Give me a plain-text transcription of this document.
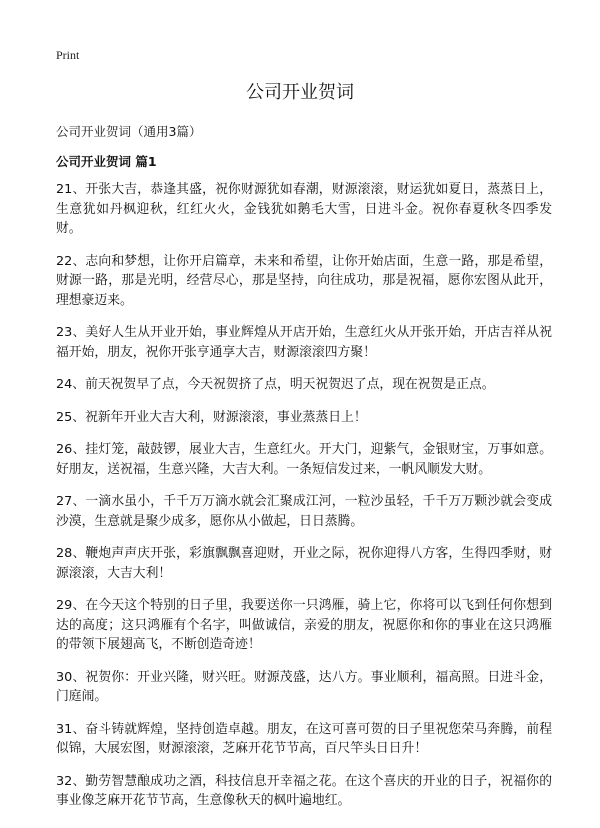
Print
公司开业贺词
公司开业贺词（通用3篇）
公司开业贺词 篇1

21、开张大吉，恭逢其盛，祝你财源犹如春潮，财源滚滚，财运犹如夏日，蒸蒸日上，生意犹如丹枫迎秋，红红火火，金钱犹如鹅毛大雪，日进斗金。祝你春夏秋冬四季发财。

22、志向和梦想，让你开启篇章，未来和希望，让你开始店面，生意一路，那是希望，财源一路，那是光明，经营尽心，那是坚持，向往成功，那是祝福，愿你宏图从此开，理想豪迈来。

23、美好人生从开业开始，事业辉煌从开店开始，生意红火从开张开始，开店吉祥从祝福开始，朋友，祝你开张亨通享大吉，财源滚滚四方聚！

24、前天祝贺早了点，今天祝贺挤了点，明天祝贺迟了点，现在祝贺是正点。

25、祝新年开业大吉大利，财源滚滚，事业蒸蒸日上！

26、挂灯笼，敲鼓锣，展业大吉，生意红火。开大门，迎紫气，金银财宝，万事如意。好朋友，送祝福，生意兴隆，大吉大利。一条短信发过来，一帆风顺发大财。

27、一滴水虽小，千千万万滴水就会汇聚成江河，一粒沙虽轻，千千万万颗沙就会变成沙漠，生意就是聚少成多，愿你从小做起，日日蒸腾。

28、鞭炮声声庆开张，彩旗飘飘喜迎财，开业之际，祝你迎得八方客，生得四季财，财源滚滚，大吉大利！

29、在今天这个特别的日子里，我要送你一只鸿雁，骑上它，你将可以飞到任何你想到达的高度；这只鸿雁有个名字，叫做诚信，亲爱的朋友，祝愿你和你的事业在这只鸿雁的带领下展翅高飞，不断创造奇迹！

30、祝贺你：开业兴隆，财兴旺。财源茂盛，达八方。事业顺利，福高照。日进斗金，门庭闹。

31、奋斗铸就辉煌，坚持创造卓越。朋友，在这可喜可贺的日子里祝您荣马奔腾，前程似锦，大展宏图，财源滚滚，芝麻开花节节高，百尺竿头日日升！

32、勤劳智慧酿成功之酒，科技信息开幸福之花。在这个喜庆的开业的日子，祝福你的事业像芝麻开花节节高，生意像秋天的枫叶遍地红。
